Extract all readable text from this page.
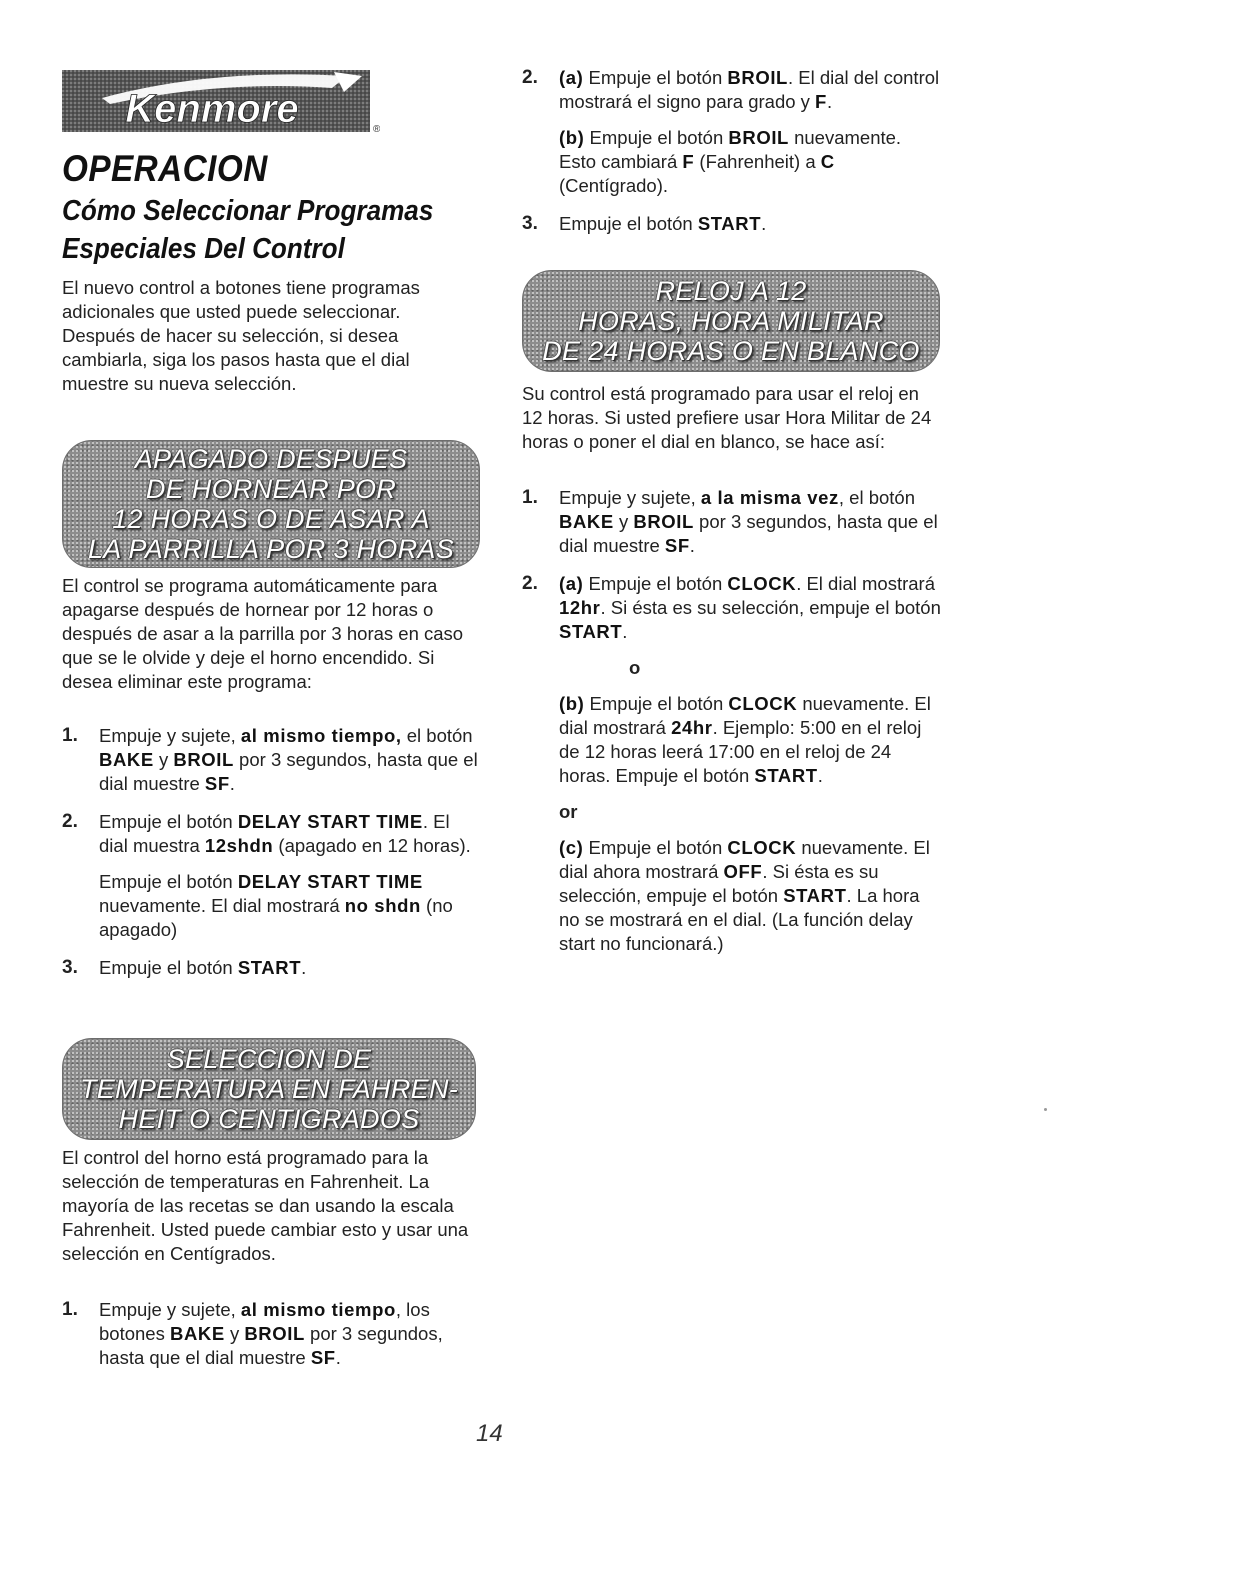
Kenmore	®
OPERACION
Cómo Seleccionar Programas Especiales Del Control

El nuevo control a botones tiene programas adicionales que usted puede seleccionar. Después de hacer su selección, si desea cambiarla, siga los pasos hasta que el dial muestre su nueva selección.

APAGADO DESPUES
DE HORNEAR POR
12 HORAS O DE ASAR A
LA PARRILLA POR 3 HORAS

El control se programa automáticamente para apagarse después de hornear por 12 horas o después de asar a la parrilla por 3 horas en caso que se le olvide y deje el horno encendido. Si desea eliminar este programa:

1. Empuje y sujete, al mismo tiempo, el botón BAKE y BROIL por 3 segundos, hasta que el dial muestre SF.

2. Empuje el botón DELAY START TIME. El dial muestra 12shdn (apagado en 12 horas).

Empuje el botón DELAY START TIME nuevamente. El dial mostrará no shdn (no apagado)

3. Empuje el botón START.

SELECCION DE
TEMPERATURA EN FAHREN-
HEIT O CENTIGRADOS

El control del horno está programado para la selección de temperaturas en Fahrenheit. La mayoría de las recetas se dan usando la escala Fahrenheit. Usted puede cambiar esto y usar una selección en Centígrados.

1. Empuje y sujete, al mismo tiempo, los botones BAKE y BROIL por 3 segundos, hasta que el dial muestre SF.

2. (a) Empuje el botón BROIL. El dial del control mostrará el signo para grado y F.

(b) Empuje el botón BROIL nuevamente. Esto cambiará F (Fahrenheit) a C (Centígrado).

3. Empuje el botón START.

RELOJ A 12
HORAS, HORA MILITAR
DE 24 HORAS O EN BLANCO

Su control está programado para usar el reloj en 12 horas. Si usted prefiere usar Hora Militar de 24 horas o poner el dial en blanco, se hace así:

1. Empuje y sujete, a la misma vez, el botón BAKE y BROIL por 3 segundos, hasta que el dial muestre SF.

2. (a) Empuje el botón CLOCK. El dial mostrará 12hr. Si ésta es su selección, empuje el botón START.

o

(b) Empuje el botón CLOCK nuevamente. El dial mostrará 24hr. Ejemplo: 5:00 en el reloj de 12 horas leerá 17:00 en el reloj de 24 horas. Empuje el botón START.

or

(c) Empuje el botón CLOCK nuevamente. El dial ahora mostrará OFF. Si ésta es su selección, empuje el botón START. La hora no se mostrará en el dial. (La función delay start no funcionará.)

14
